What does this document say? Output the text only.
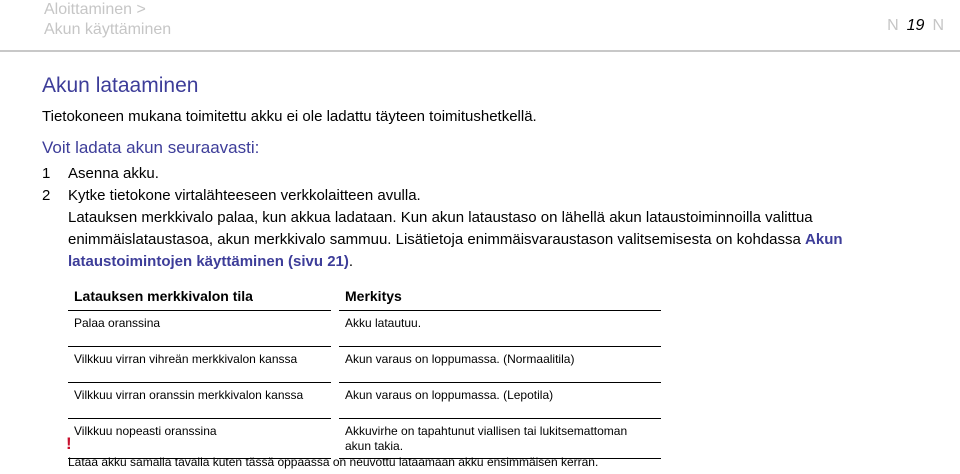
Aloittaminen >
Akun käyttäminen	N 19 N
Akun lataaminen
Tietokoneen mukana toimitettu akku ei ole ladattu täyteen toimitushetkellä.
Voit ladata akun seuraavasti:
1	Asenna akku.
2	Kytke tietokone virtalähteeseen verkkolaitteen avulla.
Latauksen merkkivalo palaa, kun akkua ladataan. Kun akun lataustaso on lähellä akun lataustoiminnoilla valittua enimmäislataustasoa, akun merkkivalo sammuu. Lisätietoja enimmäisvaraustason valitsemisesta on kohdassa Akun lataustoimintojen käyttäminen (sivu 21).
Latauksen merkkivalon tila		Merkitys
Palaa oranssina		Akku latautuu.
Vilkkuu virran vihreän merkkivalon kanssa		Akun varaus on loppumassa. (Normaalitila)
Vilkkuu virran oranssin merkkivalon kanssa		Akun varaus on loppumassa. (Lepotila)
Vilkkuu nopeasti oranssina		Akkuvirhe on tapahtunut viallisen tai lukitsemattoman akun takia.
!
Lataa akku samalla tavalla kuten tässä oppaassa on neuvottu lataamaan akku ensimmäisen kerran.
